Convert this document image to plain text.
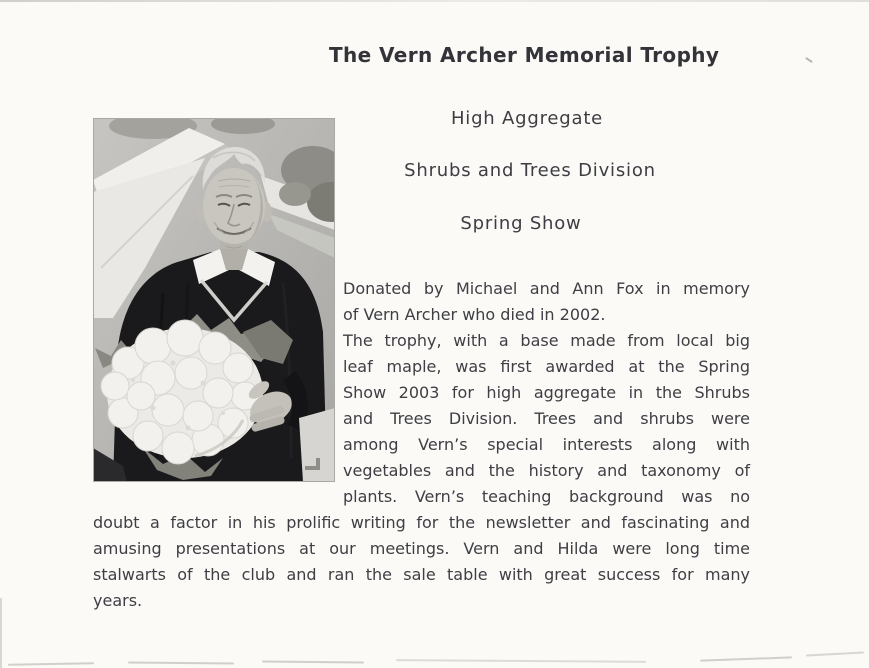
The Vern Archer Memorial Trophy
High Aggregate
Shrubs and Trees Division
Spring Show
Donated by Michael and Ann Fox in memory
of Vern Archer who died in 2002.
The trophy, with a base made from local big
leaf maple, was first awarded at the Spring
Show 2003 for high aggregate in the Shrubs
and Trees Division. Trees and shrubs were
among Vern’s special interests along with
vegetables and the history and taxonomy of
plants. Vern’s teaching background was no
doubt a factor in his prolific writing for the newsletter and fascinating and
amusing presentations at our meetings. Vern and Hilda were long time
stalwarts of the club and ran the sale table with great success for many
years.
